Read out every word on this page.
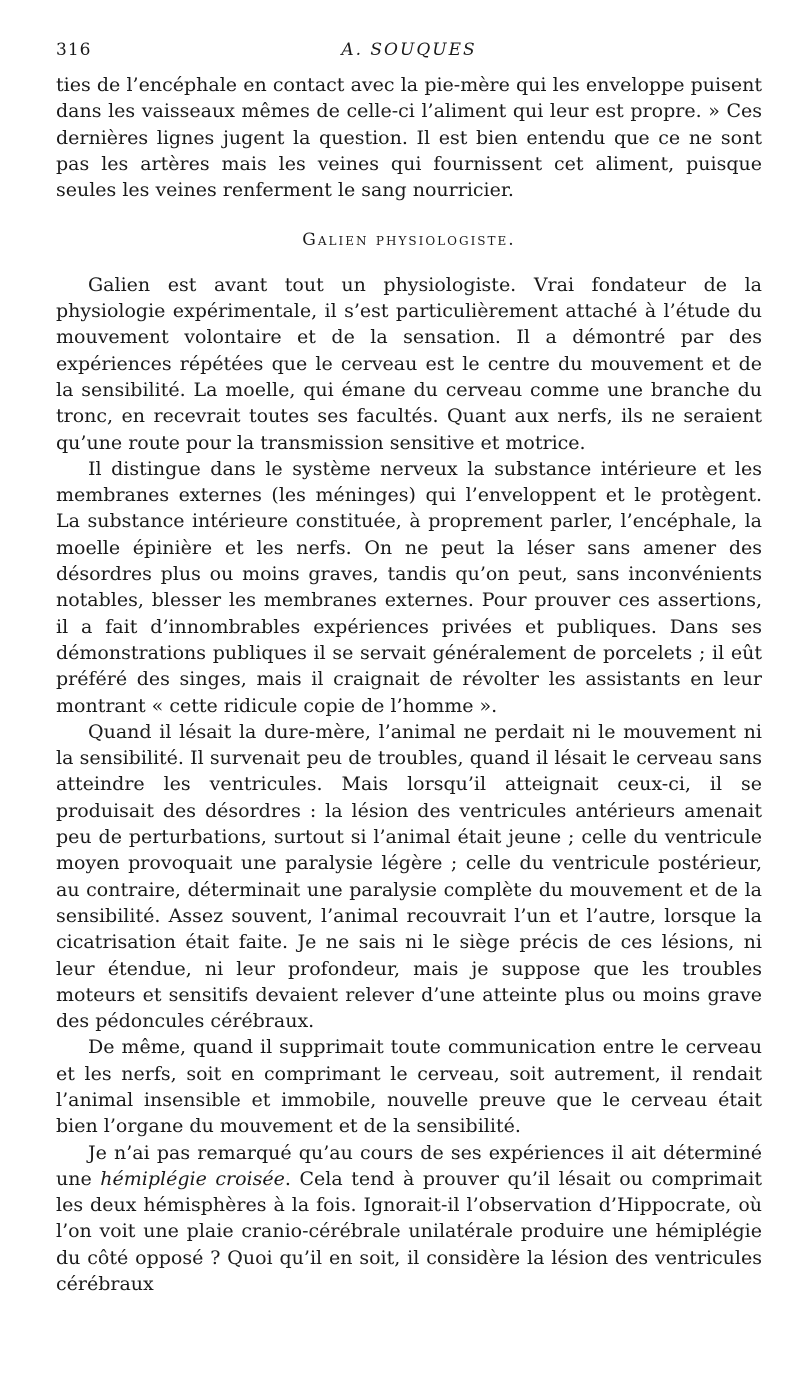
316	A. SOUQUES

ties de l’encéphale en contact avec la pie-mère qui les enveloppe puisent dans les vaisseaux mêmes de celle-ci l’aliment qui leur est propre. » Ces dernières lignes jugent la question. Il est bien entendu que ce ne sont pas les artères mais les veines qui fournissent cet aliment, puisque seules les veines renferment le sang nourricier.

Galien physiologiste.

Galien est avant tout un physiologiste. Vrai fondateur de la physiologie expérimentale, il s’est particulièrement attaché à l’étude du mouvement volontaire et de la sensation. Il a démontré par des expériences répétées que le cerveau est le centre du mouvement et de la sensibilité. La moelle, qui émane du cerveau comme une branche du tronc, en recevrait toutes ses facultés. Quant aux nerfs, ils ne seraient qu’une route pour la transmission sensitive et motrice.

Il distingue dans le système nerveux la substance intérieure et les membranes externes (les méninges) qui l’enveloppent et le protègent. La substance intérieure constituée, à proprement parler, l’encéphale, la moelle épinière et les nerfs. On ne peut la léser sans amener des désordres plus ou moins graves, tandis qu’on peut, sans inconvénients notables, blesser les membranes externes. Pour prouver ces assertions, il a fait d’innombrables expériences privées et publiques. Dans ses démonstrations publiques il se servait généralement de porcelets ; il eût préféré des singes, mais il craignait de révolter les assistants en leur montrant « cette ridicule copie de l’homme ».

Quand il lésait la dure-mère, l’animal ne perdait ni le mouvement ni la sensibilité. Il survenait peu de troubles, quand il lésait le cerveau sans atteindre les ventricules. Mais lorsqu’il atteignait ceux-ci, il se produisait des désordres : la lésion des ventricules antérieurs amenait peu de perturbations, surtout si l’animal était jeune ; celle du ventricule moyen provoquait une paralysie légère ; celle du ventricule postérieur, au contraire, déterminait une paralysie complète du mouvement et de la sensibilité. Assez souvent, l’animal recouvrait l’un et l’autre, lorsque la cicatrisation était faite. Je ne sais ni le siège précis de ces lésions, ni leur étendue, ni leur profondeur, mais je suppose que les troubles moteurs et sensitifs devaient relever d’une atteinte plus ou moins grave des pédoncules cérébraux.

De même, quand il supprimait toute communication entre le cerveau et les nerfs, soit en comprimant le cerveau, soit autrement, il rendait l’animal insensible et immobile, nouvelle preuve que le cerveau était bien l’organe du mouvement et de la sensibilité.

Je n’ai pas remarqué qu’au cours de ses expériences il ait déterminé une hémiplégie croisée. Cela tend à prouver qu’il lésait ou comprimait les deux hémisphères à la fois. Ignorait-il l’observation d’Hippocrate, où l’on voit une plaie cranio-cérébrale unilatérale produire une hémiplégie du côté opposé ? Quoi qu’il en soit, il considère la lésion des ventricules cérébraux
